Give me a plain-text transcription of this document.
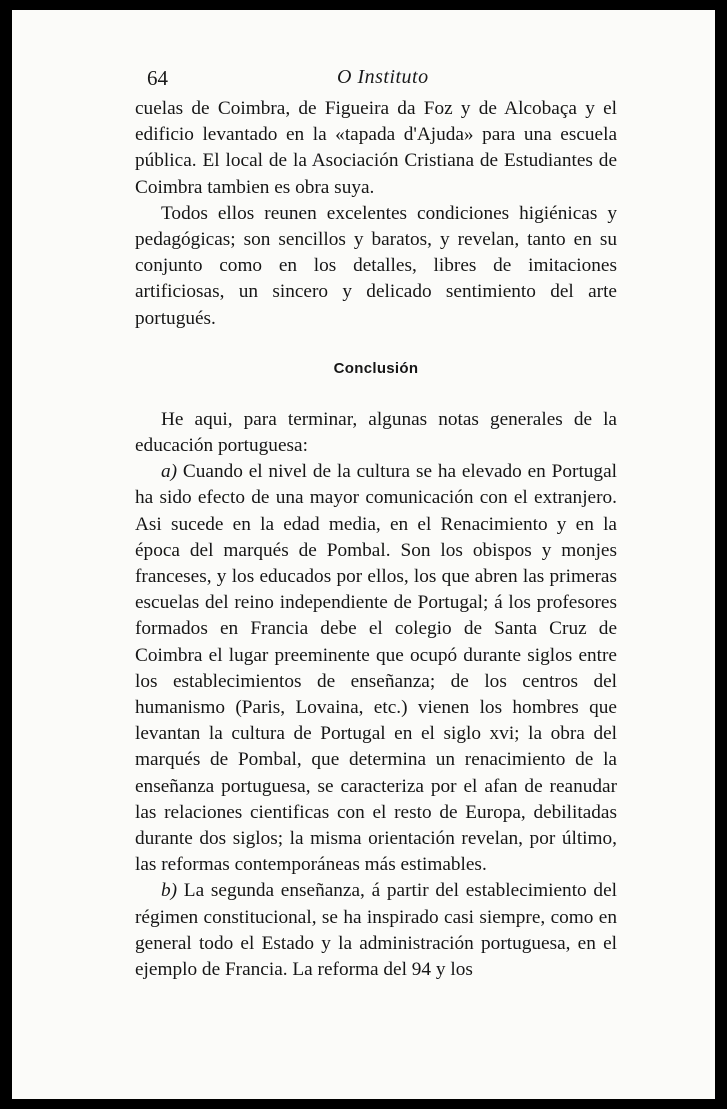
64	O Instituto

cuelas de Coimbra, de Figueira da Foz y de Alcobaça y el edificio levantado en la «tapada d'Ajuda» para una escuela pública. El local de la Asociación Cristiana de Estudiantes de Coimbra tambien es obra suya.

Todos ellos reunen excelentes condiciones higiénicas y pedagógicas; son sencillos y baratos, y revelan, tanto en su conjunto como en los detalles, libres de imitaciones artificiosas, un sincero y delicado sentimiento del arte portugués.

Conclusión

He aqui, para terminar, algunas notas generales de la educación portuguesa:

a) Cuando el nivel de la cultura se ha elevado en Portugal ha sido efecto de una mayor comunicación con el extranjero. Asi sucede en la edad media, en el Renacimiento y en la época del marqués de Pombal. Son los obispos y monjes franceses, y los educados por ellos, los que abren las primeras escuelas del reino independiente de Portugal; á los profesores formados en Francia debe el colegio de Santa Cruz de Coimbra el lugar preeminente que ocupó durante siglos entre los establecimientos de enseñanza; de los centros del humanismo (Paris, Lovaina, etc.) vienen los hombres que levantan la cultura de Portugal en el siglo xvi; la obra del marqués de Pombal, que determina un renacimiento de la enseñanza portuguesa, se caracteriza por el afan de reanudar las relaciones cientificas con el resto de Europa, debilitadas durante dos siglos; la misma orientación revelan, por último, las reformas contemporáneas más estimables.

b) La segunda enseñanza, á partir del establecimiento del régimen constitucional, se ha inspirado casi siempre, como en general todo el Estado y la administración portuguesa, en el ejemplo de Francia. La reforma del 94 y los
